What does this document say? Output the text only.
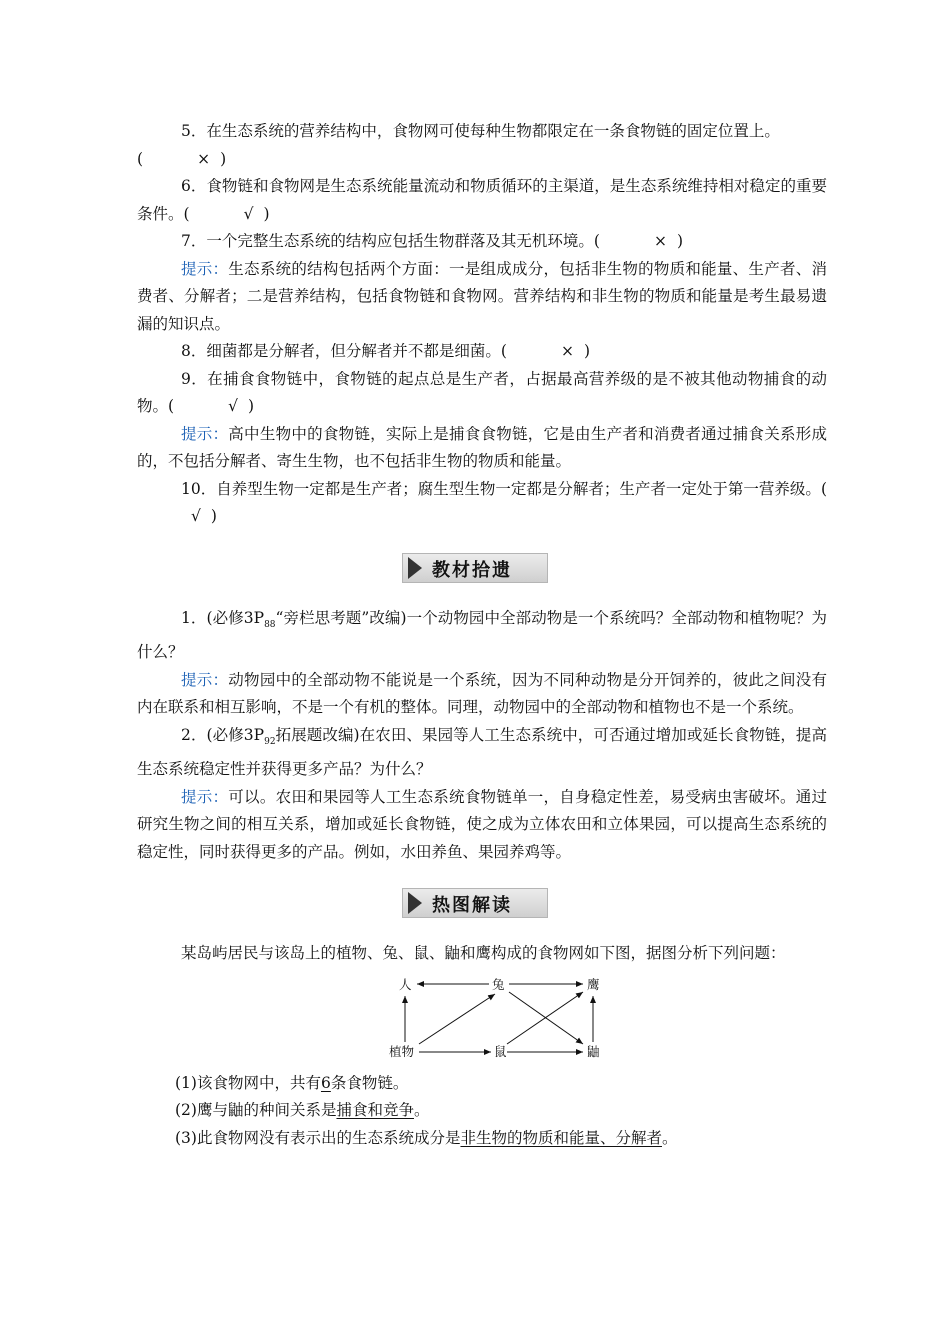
5．在生态系统的营养结构中，食物网可使每种生物都限定在一条食物链的固定位置上。
(	× )

6．食物链和食物网是生态系统能量流动和物质循环的主渠道，是生态系统维持相对稳定的重要条件。(	√ )

7．一个完整生态系统的结构应包括生物群落及其无机环境。(	× )

提示：生态系统的结构包括两个方面：一是组成成分，包括非生物的物质和能量、生产者、消费者、分解者；二是营养结构，包括食物链和食物网。营养结构和非生物的物质和能量是考生最易遗漏的知识点。

8．细菌都是分解者，但分解者并不都是细菌。(	× )

9．在捕食食物链中，食物链的起点总是生产者，占据最高营养级的是不被其他动物捕食的动物。(	√ )

提示：高中生物中的食物链，实际上是捕食食物链，它是由生产者和消费者通过捕食关系形成的，不包括分解者、寄生生物，也不包括非生物的物质和能量。

10．自养型生物一定都是生产者；腐生型生物一定都是分解者；生产者一定处于第一营养级。(√ )

教材拾遗

1．(必修$3P_{88}“$旁栏思考题”改编)一个动物园中全部动物是一个系统吗？全部动物和植物呢？为什么？

提示：动物园中的全部动物不能说是一个系统，因为不同种动物是分开饲养的，彼此之间没有内在联系和相互影响，不是一个有机的整体。同理，动物园中的全部动物和植物也不是一个系统。

2．(必修$3P_{92}$拓展题改编)在农田、果园等人工生态系统中，可否通过增加或延长食物链，提高生态系统稳定性并获得更多产品？为什么？

提示：可以。农田和果园等人工生态系统食物链单一，自身稳定性差，易受病虫害破坏。通过研究生物之间的相互关系，增加或延长食物链，使之成为立体农田和立体果园，可以提高生态系统的稳定性，同时获得更多的产品。例如，水田养鱼、果园养鸡等。

热图解读

某岛屿居民与该岛上的植物、兔、鼠、鼬和鹰构成的食物网如下图，据图分析下列问题：

人	兔	鹰
植物	鼠	鼬

(1)该食物网中，共有6条食物链。

(2)鹰与鼬的种间关系是捕食和竞争。

(3)此食物网没有表示出的生态系统成分是非生物的物质和能量、分解者。
